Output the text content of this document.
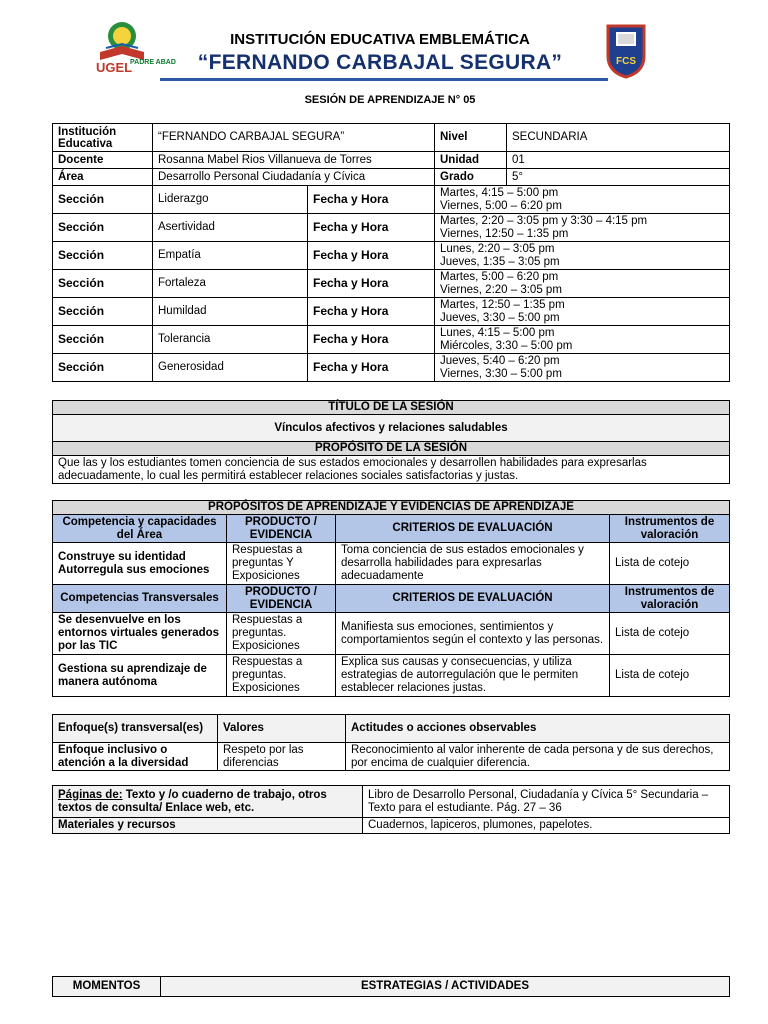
UGEL
PADRE ABAD
INSTITUCIÓN EDUCATIVA EMBLEMÁTICA
“FERNANDO CARBAJAL SEGURA”	FCS
SESIÓN DE APRENDIZAJE N° 05
Institución Educativa	“FERNANDO CARBAJAL SEGURA”		Nivel	SECUNDARIA
Docente	Rosanna Mabel Rios Villanueva de Torres		Unidad	01
Área	Desarrollo Personal Ciudadanía y Cívica		Grado	5°
Sección	Liderazgo	Fecha y Hora	Martes, 4:15 – 5:00 pm
Viernes, 5:00 – 6:20 pm	

Sección	Asertividad	Fecha y Hora	Martes, 2:20 – 3:05 pm y 3:30 – 4:15 pm
Viernes, 12:50 – 1:35 pm	

Sección	Empatía	Fecha y Hora	Lunes, 2:20 – 3:05 pm
Jueves, 1:35 – 3:05 pm	

Sección	Fortaleza	Fecha y Hora	Martes, 5:00 – 6:20 pm
Viernes, 2:20 – 3:05 pm	

Sección	Humildad	Fecha y Hora	Martes, 12:50 – 1:35 pm
Jueves, 3:30 – 5:00 pm	

Sección	Tolerancia	Fecha y Hora	Lunes, 4:15 – 5:00 pm
Miércoles, 3:30 – 5:00 pm	

Sección	Generosidad	Fecha y Hora	Jueves, 5:40 – 6:20 pm
Viernes, 3:30 – 5:00 pm	
TÍTULO DE LA SESIÓN
Vínculos afectivos y relaciones saludables
PROPÓSITO DE LA SESIÓN
Que las y los estudiantes tomen conciencia de sus estados emocionales y desarrollen habilidades para expresarlas adecuadamente, lo cual les permitirá establecer relaciones sociales satisfactorias y justas.
PROPÓSITOS DE APRENDIZAJE Y EVIDENCIAS DE APRENDIZAJE			
Competencia y capacidades del Área	PRODUCTO / EVIDENCIA	CRITERIOS DE EVALUACIÓN	Instrumentos de valoración
Construye su identidad Autorregula sus emociones	Respuestas a preguntas Y Exposiciones	Toma conciencia de sus estados emocionales y desarrolla habilidades para expresarlas adecuadamente	Lista de cotejo
Competencias Transversales	PRODUCTO / EVIDENCIA	CRITERIOS DE EVALUACIÓN	Instrumentos de valoración
Se desenvuelve en los entornos virtuales generados por las TIC	Respuestas a preguntas. Exposiciones	Manifiesta sus emociones, sentimientos y comportamientos según el contexto y las personas.	Lista de cotejo
Gestiona su aprendizaje de manera autónoma	Respuestas a preguntas. Exposiciones	Explica sus causas y consecuencias, y utiliza estrategias de autorregulación que le permiten establecer relaciones justas.	Lista de cotejo
Enfoque(s) transversal(es)	Valores	Actitudes o acciones observables
Enfoque inclusivo o atención a la diversidad	Respeto por las diferencias	Reconocimiento al valor inherente de cada persona y de sus derechos, por encima de cualquier diferencia.
Páginas de: Texto y /o cuaderno de trabajo, otros textos de consulta/ Enlace web, etc.	Libro de Desarrollo Personal, Ciudadanía y Cívica 5° Secundaria – Texto para el estudiante. Pág. 27 – 36
Materiales y recursos	Cuadernos, lapiceros, plumones, papelotes.
MOMENTOS	ESTRATEGIAS / ACTIVIDADES
